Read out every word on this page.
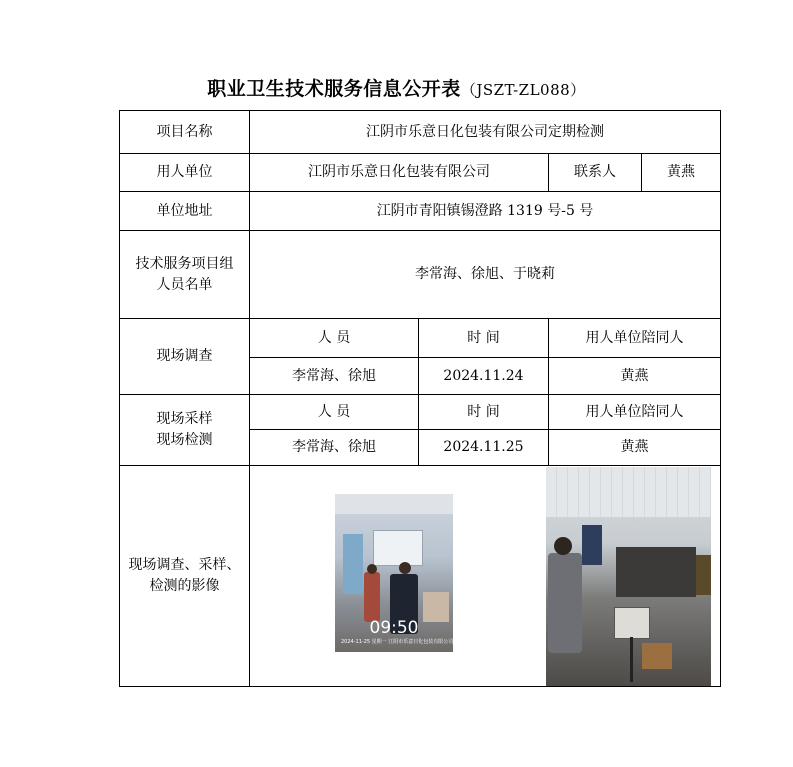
职业卫生技术服务信息公开表（JSZT-ZL088）
项目名称	江阴市乐意日化包装有限公司定期检测			
用人单位	江阴市乐意日化包装有限公司		联系人	黄燕
单位地址	江阴市青阳镇锡澄路 1319 号-5 号			

技术服务项目组
人员名单	李常海、徐旭、于晓莉			
现场调查	人 员	时 间	用人单位陪同人	
	李常海、徐旭	2024.11.24	黄燕	

现场采样
现场检测	人 员	时 间	用人单位陪同人	
	李常海、徐旭	2024.11.25	黄燕	

现场调查、采样、
检测的影像				

09:50
2024-11-25 星期一 江阴市乐意日化包装有限公司
